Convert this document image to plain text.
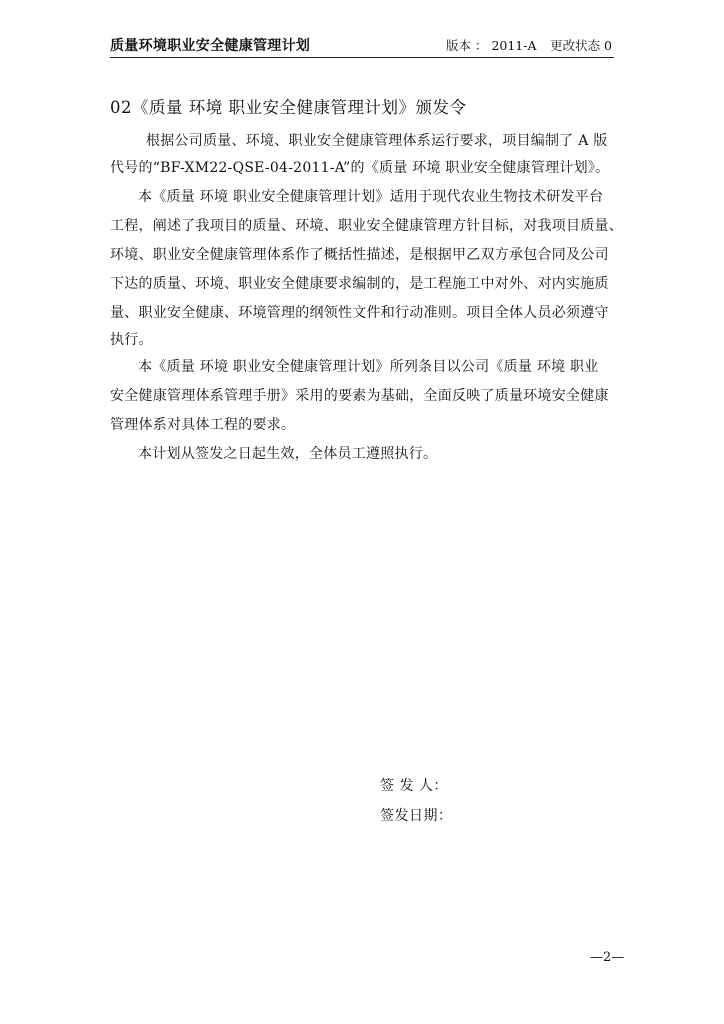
质量环境职业安全健康管理计划	版本 ： 2011-A 更改状态 0
02《质量 环境 职业安全健康管理计划》颁发令
根据公司质量、环境、职业安全健康管理体系运行要求，项目编制了 A 版
代号的“BF-XM22-QSE-04-2011-A”的《质量 环境 职业安全健康管理计划》。
本《质量 环境 职业安全健康管理计划》适用于现代农业生物技术研发平台
工程，阐述了我项目的质量、环境、职业安全健康管理方针目标，对我项目质量、
环境、职业安全健康管理体系作了概括性描述，是根据甲乙双方承包合同及公司
下达的质量、环境、职业安全健康要求编制的，是工程施工中对外、对内实施质
量、职业安全健康、环境管理的纲领性文件和行动准则。项目全体人员必须遵守
执行。
本《质量 环境 职业安全健康管理计划》所列条目以公司《质量 环境 职业
安全健康管理体系管理手册》采用的要素为基础，全面反映了质量环境安全健康
管理体系对具体工程的要求。
本计划从签发之日起生效，全体员工遵照执行。
签 发 人：
签发日期：
—2—
